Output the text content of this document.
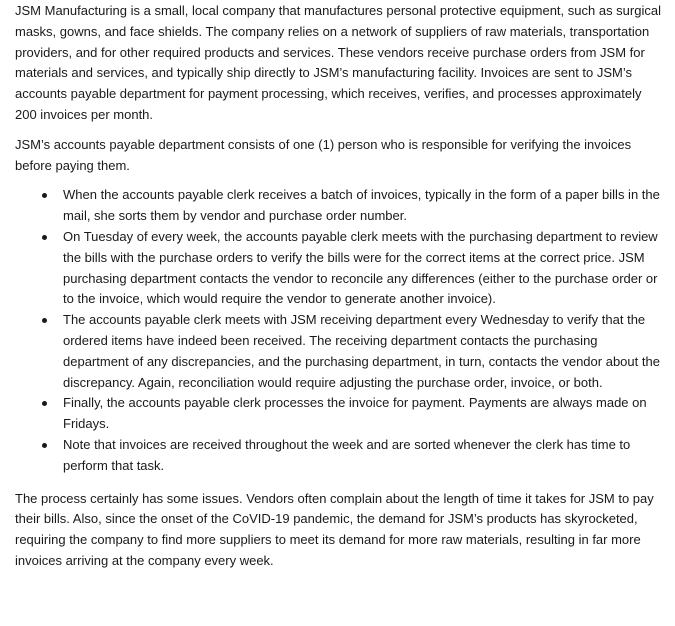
JSM Manufacturing is a small, local company that manufactures personal protective equipment, such as surgical masks, gowns, and face shields. The company relies on a network of suppliers of raw materials, transportation providers, and for other required products and services. These vendors receive purchase orders from JSM for materials and services, and typically ship directly to JSM’s manufacturing facility. Invoices are sent to JSM’s accounts payable department for payment processing, which receives, verifies, and processes approximately 200 invoices per month.

JSM’s accounts payable department consists of one (1) person who is responsible for verifying the invoices before paying them.

When the accounts payable clerk receives a batch of invoices, typically in the form of a paper bills in the mail, she sorts them by vendor and purchase order number.
On Tuesday of every week, the accounts payable clerk meets with the purchasing department to review the bills with the purchase orders to verify the bills were for the correct items at the correct price. JSM purchasing department contacts the vendor to reconcile any differences (either to the purchase order or to the invoice, which would require the vendor to generate another invoice).
The accounts payable clerk meets with JSM receiving department every Wednesday to verify that the ordered items have indeed been received. The receiving department contacts the purchasing department of any discrepancies, and the purchasing department, in turn, contacts the vendor about the discrepancy. Again, reconciliation would require adjusting the purchase order, invoice, or both.
Finally, the accounts payable clerk processes the invoice for payment. Payments are always made on Fridays.
Note that invoices are received throughout the week and are sorted whenever the clerk has time to perform that task.

The process certainly has some issues. Vendors often complain about the length of time it takes for JSM to pay their bills. Also, since the onset of the CoVID-19 pandemic, the demand for JSM’s products has skyrocketed, requiring the company to find more suppliers to meet its demand for more raw materials, resulting in far more invoices arriving at the company every week.
